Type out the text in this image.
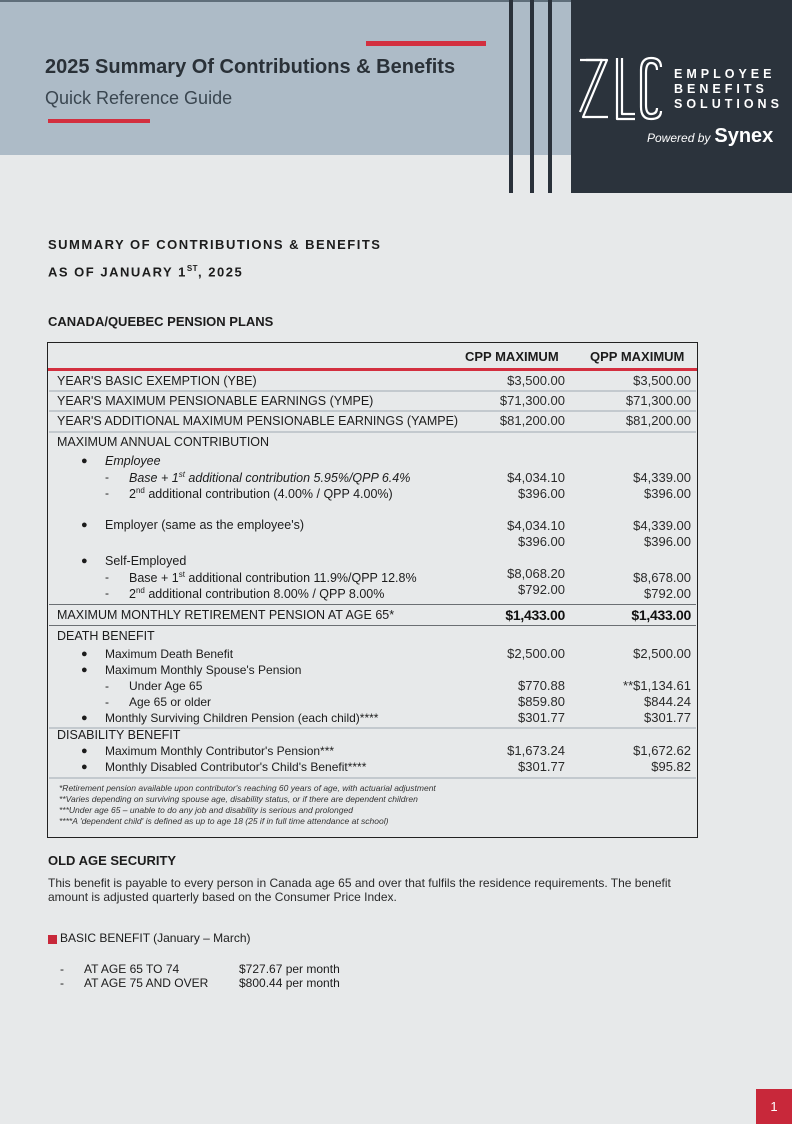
2025 Summary Of Contributions & Benefits
Quick Reference Guide
EMPLOYEE
BENEFITS
SOLUTIONS
Powered by Synex
SUMMARY OF CONTRIBUTIONS & BENEFITS
AS OF JANUARY 1ST, 2025
CANADA/QUEBEC PENSION PLANS
CPP MAXIMUM QPP MAXIMUM
YEAR'S BASIC EXEMPTION (YBE)	$3,500.00	$3,500.00
YEAR'S MAXIMUM PENSIONABLE EARNINGS (YMPE)	$71,300.00	$71,300.00
YEAR'S ADDITIONAL MAXIMUM PENSIONABLE EARNINGS (YAMPE)	$81,200.00	$81,200.00
MAXIMUM ANNUAL CONTRIBUTION
● Employee
- Base + 1st additional contribution 5.95%/QPP 6.4%	$4,034.10	$4,339.00
- 2nd additional contribution (4.00% / QPP 4.00%)	$396.00	$396.00
● Employer (same as the employee's)	$4,034.10	$4,339.00
$396.00	$396.00
● Self-Employed
- Base + 1st additional contribution 11.9%/QPP 12.8%	$8,068.20	$8,678.00
- 2nd additional contribution 8.00% / QPP 8.00%	$792.00	$792.00
MAXIMUM MONTHLY RETIREMENT PENSION AT AGE 65*	$1,433.00	$1,433.00
DEATH BENEFIT
● Maximum Death Benefit	$2,500.00	$2,500.00
● Maximum Monthly Spouse's Pension
- Under Age 65	$770.88	**$1,134.61
- Age 65 or older	$859.80	$844.24
● Monthly Surviving Children Pension (each child)****	$301.77	$301.77
DISABILITY BENEFIT
● Maximum Monthly Contributor's Pension***	$1,673.24	$1,672.62
● Monthly Disabled Contributor's Child's Benefit****	$301.77	$95.82
*Retirement pension available upon contributor's reaching 60 years of age, with actuarial adjustment
**Varies depending on surviving spouse age, disability status, or if there are dependent children
***Under age 65 – unable to do any job and disability is serious and prolonged
****A 'dependent child' is defined as up to age 18 (25 if in full time attendance at school)
OLD AGE SECURITY
This benefit is payable to every person in Canada age 65 and over that fulfils the residence requirements. The benefit amount is adjusted quarterly based on the Consumer Price Index.
BASIC BENEFIT (January – March)
- AT AGE 65 TO 74	$727.67 per month
- AT AGE 75 AND OVER	$800.44 per month
1
